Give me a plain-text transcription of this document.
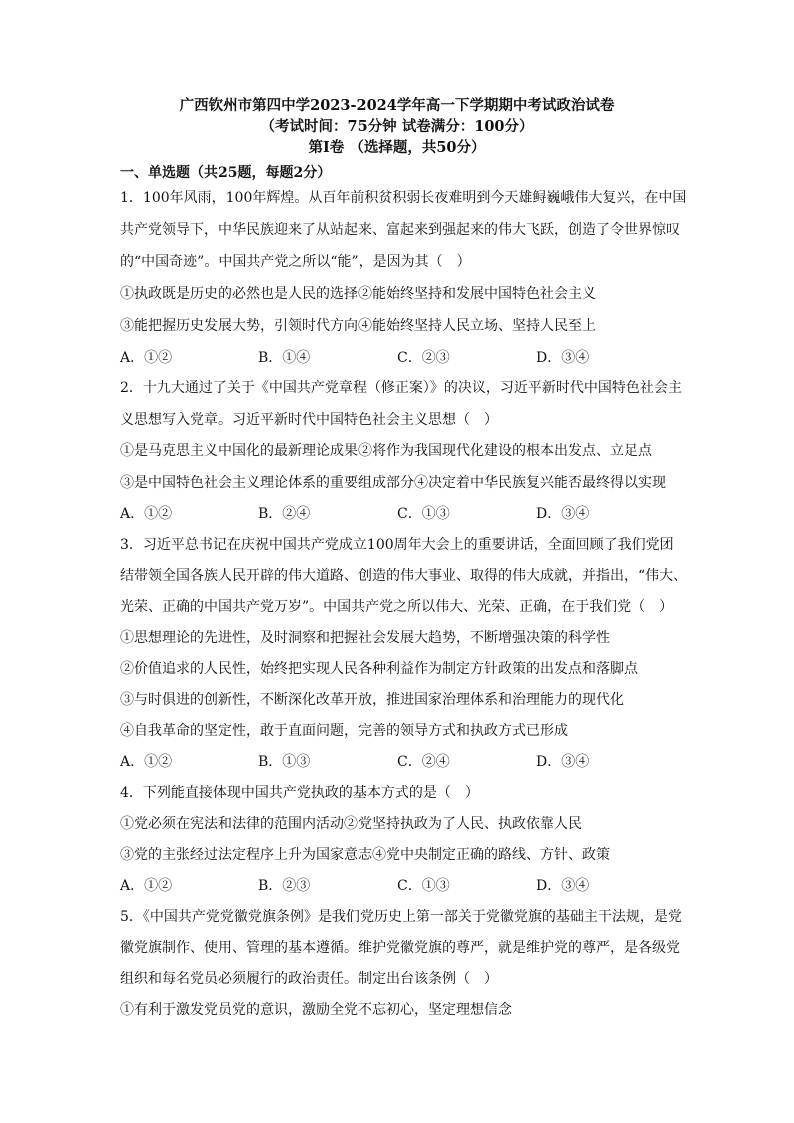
广西钦州市第四中学2023-2024学年高一下学期期中考试政治试卷
（考试时间：75分钟 试卷满分：100分）
第Ⅰ卷 （选择题，共50分）
一、单选题（共25题，每题2分）
1．100年风雨，100年辉煌。从百年前积贫积弱长夜难明到今天雄鲟巍峨伟大复兴，在中国
共产党领导下，中华民族迎来了从站起来、富起来到强起来的伟大飞跃，创造了令世界惊叹
的“中国奇迹”。中国共产党之所以“能”，是因为其（　）
①执政既是历史的必然也是人民的选择②能始终坚持和发展中国特色社会主义
③能把握历史发展大势，引领时代方向④能始终坚持人民立场、坚持人民至上
A．①②	B．①④	C．②③	D．③④
2．十九大通过了关于《中国共产党章程（修正案）》的决议，习近平新时代中国特色社会主
义思想写入党章。习近平新时代中国特色社会主义思想（　）
①是马克思主义中国化的最新理论成果②将作为我国现代化建设的根本出发点、立足点
③是中国特色社会主义理论体系的重要组成部分④决定着中华民族复兴能否最终得以实现
A．①②	B．②④	C．①③	D．③④
3．习近平总书记在庆祝中国共产党成立100周年大会上的重要讲话，全面回顾了我们党团
结带领全国各族人民开辟的伟大道路、创造的伟大事业、取得的伟大成就，并指出，“伟大、
光荣、正确的中国共产党万岁”。中国共产党之所以伟大、光荣、正确，在于我们党（　）
①思想理论的先进性，及时洞察和把握社会发展大趋势，不断增强决策的科学性
②价值追求的人民性，始终把实现人民各种利益作为制定方针政策的出发点和落脚点
③与时俱进的创新性，不断深化改革开放，推进国家治理体系和治理能力的现代化
④自我革命的坚定性，敢于直面问题，完善的领导方式和执政方式已形成
A．①②	B．①③	C．②④	D．③④
4．下列能直接体现中国共产党执政的基本方式的是（　）
①党必须在宪法和法律的范围内活动②党坚持执政为了人民、执政依靠人民
③党的主张经过法定程序上升为国家意志④党中央制定正确的路线、方针、政策
A．①②	B．②③	C．①③	D．③④
5．《中国共产党党徽党旗条例》是我们党历史上第一部关于党徽党旗的基础主干法规，是党
徽党旗制作、使用、管理的基本遵循。维护党徽党旗的尊严，就是维护党的尊严，是各级党
组织和每名党员必须履行的政治责任。制定出台该条例（　）
①有利于激发党员党的意识，激励全党不忘初心，坚定理想信念
